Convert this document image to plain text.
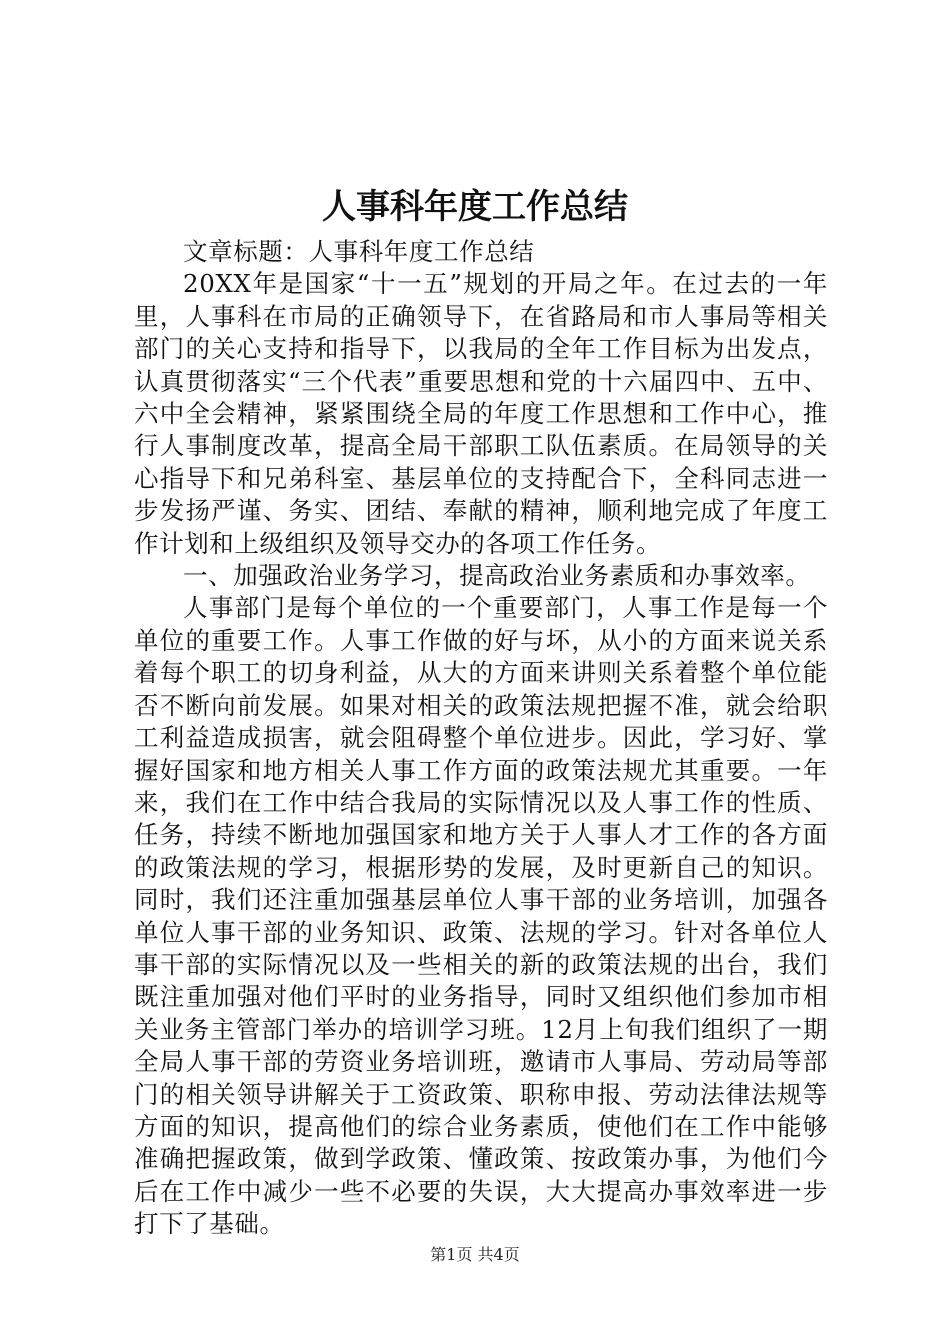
人事科年度工作总结

文章标题：人事科年度工作总结

20XX年是国家“十一五”规划的开局之年。在过去的一年里，人事科在市局的正确领导下，在省路局和市人事局等相关部门的关心支持和指导下，以我局的全年工作目标为出发点，认真贯彻落实“三个代表”重要思想和党的十六届四中、五中、六中全会精神，紧紧围绕全局的年度工作思想和工作中心，推行人事制度改革，提高全局干部职工队伍素质。在局领导的关心指导下和兄弟科室、基层单位的支持配合下，全科同志进一步发扬严谨、务实、团结、奉献的精神，顺利地完成了年度工作计划和上级组织及领导交办的各项工作任务。

一、加强政治业务学习，提高政治业务素质和办事效率。

人事部门是每个单位的一个重要部门，人事工作是每一个单位的重要工作。人事工作做的好与坏，从小的方面来说关系着每个职工的切身利益，从大的方面来讲则关系着整个单位能否不断向前发展。如果对相关的政策法规把握不准，就会给职工利益造成损害，就会阻碍整个单位进步。因此，学习好、掌握好国家和地方相关人事工作方面的政策法规尤其重要。一年来，我们在工作中结合我局的实际情况以及人事工作的性质、任务，持续不断地加强国家和地方关于人事人才工作的各方面的政策法规的学习，根据形势的发展，及时更新自己的知识。同时，我们还注重加强基层单位人事干部的业务培训，加强各单位人事干部的业务知识、政策、法规的学习。针对各单位人事干部的实际情况以及一些相关的新的政策法规的出台，我们既注重加强对他们平时的业务指导，同时又组织他们参加市相关业务主管部门举办的培训学习班。12月上旬我们组织了一期全局人事干部的劳资业务培训班，邀请市人事局、劳动局等部门的相关领导讲解关于工资政策、职称申报、劳动法律法规等方面的知识，提高他们的综合业务素质，使他们在工作中能够准确把握政策，做到学政策、懂政策、按政策办事，为他们今后在工作中减少一些不必要的失误，大大提高办事效率进一步打下了基础。

第1页 共4页
